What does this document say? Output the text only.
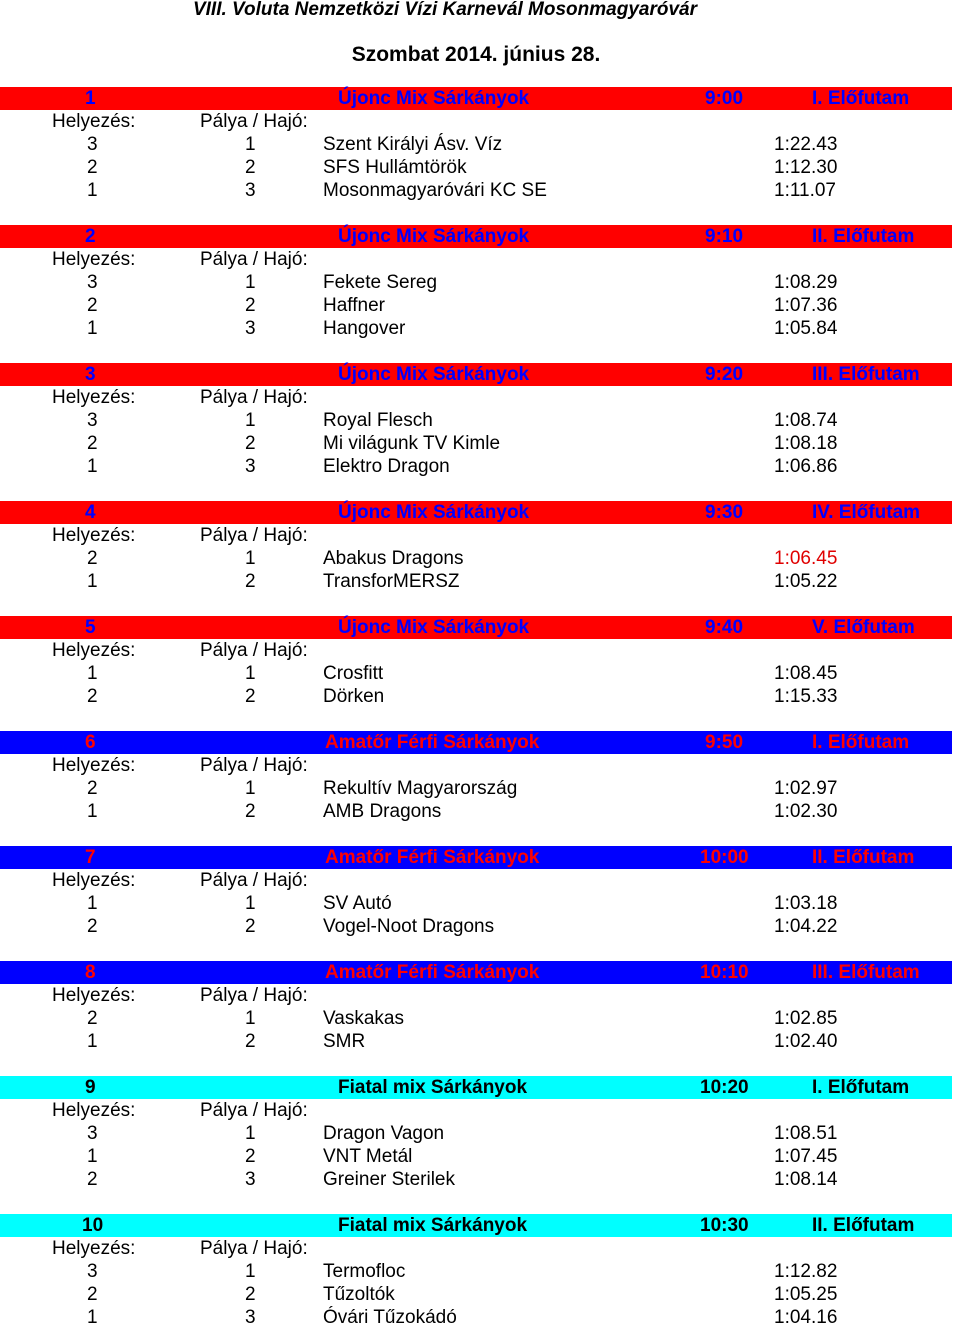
VIII. Voluta Nemzetközi Vízi Karnevál Mosonmagyaróvár
Szombat 2014. június 28.
1	Újonc Mix Sárkányok	9:00	I. Előfutam
Helyezés:	Pálya / Hajó:
3	1	Szent Királyi Ásv. Víz	1:22.43
2	2	SFS Hullámtörök	1:12.30
1	3	Mosonmagyaróvári KC SE	1:11.07
2	Újonc Mix Sárkányok	9:10	II. Előfutam
Helyezés:	Pálya / Hajó:
3	1	Fekete Sereg	1:08.29
2	2	Haffner	1:07.36
1	3	Hangover	1:05.84
3	Újonc Mix Sárkányok	9:20	III. Előfutam
Helyezés:	Pálya / Hajó:
3	1	Royal Flesch	1:08.74
2	2	Mi világunk TV Kimle	1:08.18
1	3	Elektro Dragon	1:06.86
4	Újonc Mix Sárkányok	9:30	IV. Előfutam
Helyezés:	Pálya / Hajó:
2	1	Abakus Dragons	1:06.45
1	2	TransforMERSZ	1:05.22
5	Újonc Mix Sárkányok	9:40	V. Előfutam
Helyezés:	Pálya / Hajó:
1	1	Crosfitt	1:08.45
2	2	Dörken	1:15.33
6	Amatőr Férfi Sárkányok	9:50	I. Előfutam
Helyezés:	Pálya / Hajó:
2	1	Rekultív Magyarország	1:02.97
1	2	AMB Dragons	1:02.30
7	Amatőr Férfi Sárkányok	10:00	II. Előfutam
Helyezés:	Pálya / Hajó:
1	1	SV Autó	1:03.18
2	2	Vogel-Noot Dragons	1:04.22
8	Amatőr Férfi Sárkányok	10:10	III. Előfutam
Helyezés:	Pálya / Hajó:
2	1	Vaskakas	1:02.85
1	2	SMR	1:02.40
9	Fiatal mix Sárkányok	10:20	I. Előfutam
Helyezés:	Pálya / Hajó:
3	1	Dragon Vagon	1:08.51
1	2	VNT Metál	1:07.45
2	3	Greiner Sterilek	1:08.14
10	Fiatal mix Sárkányok	10:30	II. Előfutam
Helyezés:	Pálya / Hajó:
3	1	Termofloc	1:12.82
2	2	Tűzoltók	1:05.25
1	3	Óvári Tűzokádó	1:04.16
